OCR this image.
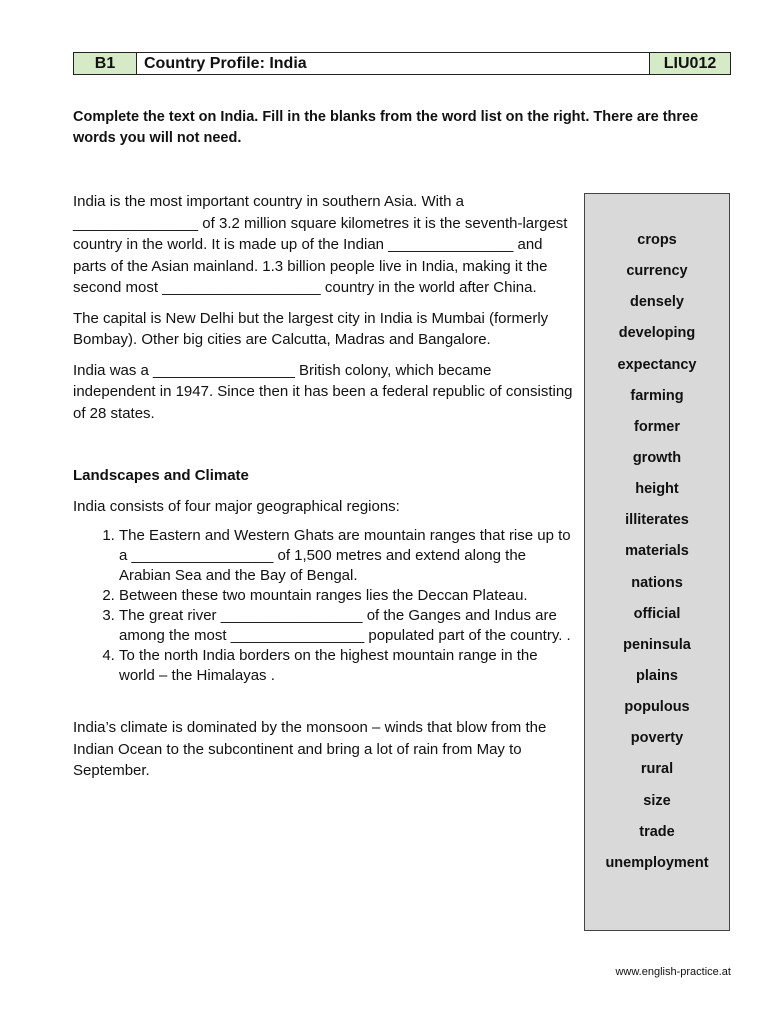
B1	Country Profile: India	LIU012
Complete the text on India. Fill in the blanks from the word list on the right. There are three words you will not need.

India is the most important country in southern Asia. With a _______________ of 3.2 million square kilometres it is the seventh-largest country in the world. It is made up of the Indian _______________ and parts of the Asian mainland. 1.3 billion people live in India, making it the second most ___________________ country in the world after China.

The capital is New Delhi but the largest city in India is Mumbai (formerly Bombay). Other big cities are Calcutta, Madras and Bangalore.

India was a _________________ British colony, which became independent in 1947. Since then it has been a federal republic of consisting of 28 states.

Landscapes and Climate

India consists of four major geographical regions:

1. The Eastern and Western Ghats are mountain ranges that rise up to a _________________ of 1,500 metres and extend along the Arabian Sea and the Bay of Bengal.
2. Between these two mountain ranges lies the Deccan Plateau.
3. The great river _________________ of the Ganges and Indus are among the most ________________ populated part of the country. .
4. To the north India borders on the highest mountain range in the world – the Himalayas .

India’s climate is dominated by the monsoon – winds that blow from the Indian Ocean to the subcontinent and bring a lot of rain from May to September.

crops
currency
densely
developing
expectancy
farming
former
growth
height
illiterates
materials
nations
official
peninsula
plains
populous
poverty
rural
size
trade
unemployment
www.english-practice.at
